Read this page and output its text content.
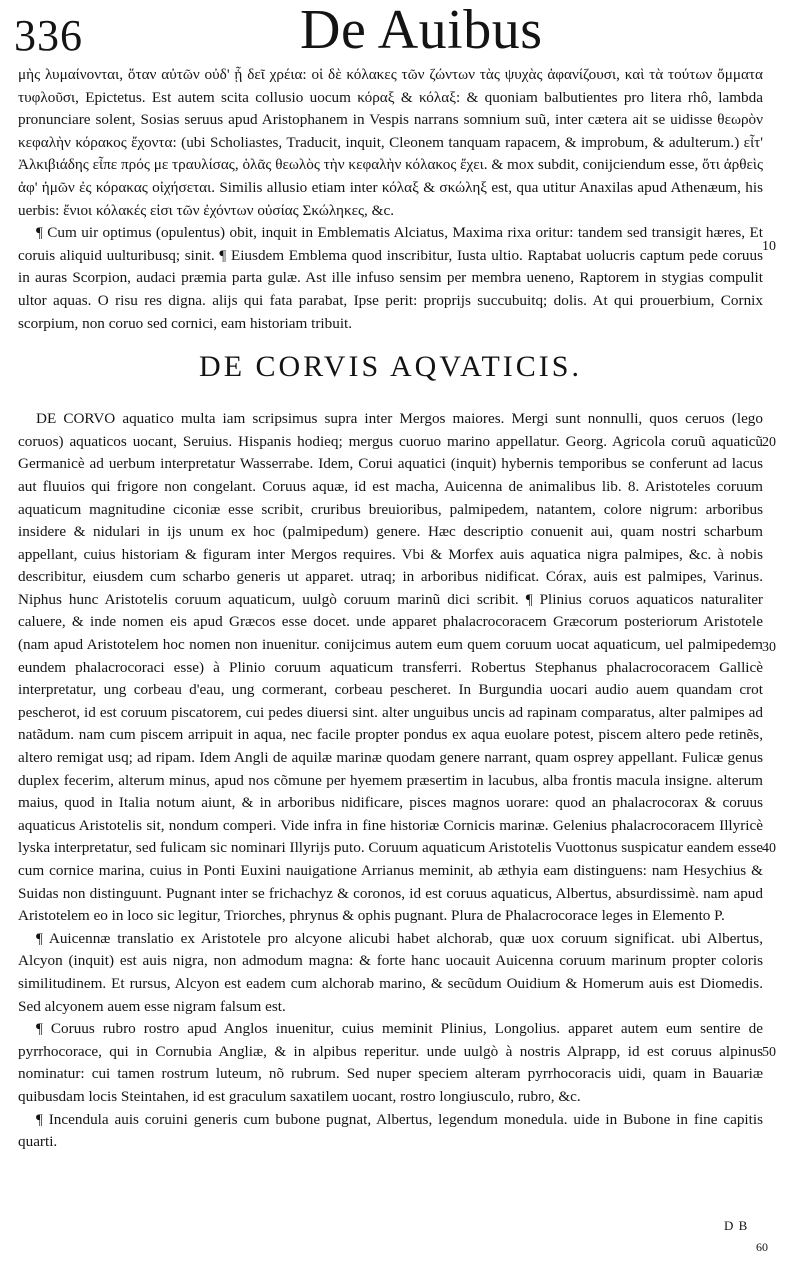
336	De Auibus

μὴς λυμαίνονται, ὅταν αὐτῶν οὐδ' ᾗ δεῖ χρέια: οἱ δὲ κόλακες τῶν ζώντων τὰς ψυχὰς ἀφανίζουσι, καὶ τὰ τούτων ὄμματα τυφλοῦσι, Epictetus. Est autem scita collusio uocum κόραξ & κόλαξ: & quoniam balbutientes pro litera rhô, lambda pronunciare solent, Sosias seruus apud Aristophanem in Vespis narrans somnium suũ, inter cætera ait se uidisse θεωρὸν κεφαλὴν κόρακος ἔχοντα: (ubi Scholiastes, Traducit, inquit, Cleonem tanquam rapacem, & improbum, & adulterum.) εἶτ' Ἀλκιβιάδης εἶπε πρός με τραυλίσας, ὁλᾶς θεωλὸς τὴν κεφαλὴν κόλακος ἔχει. & mox subdit, conijciendum esse, ὅτι ἀρθεὶς ἀφ' ἡμῶν ἐς κόρακας οἰχήσεται. Similis allusio etiam inter κόλαξ & σκώληξ est, qua utitur Anaxilas apud Athenæum, his uerbis: ἔνιοι κόλακές εἰσι τῶν ἐχόντων οὐσίας Σκώληκες, &c.

¶ Cum uir optimus (opulentus) obit, inquit in Emblematis Alciatus, Maxima rixa oritur: tandem sed transigit hæres, Et coruis aliquid uulturibusq; sinit. ¶ Eiusdem Emblema quod inscribitur, Iusta ultio. Raptabat uolucris captum pede coruus in auras Scorpion, audaci præmia parta gulæ. Ast ille infuso sensim per membra ueneno, Raptorem in stygias compulit ultor aquas. O risu res digna. alijs qui fata parabat, Ipse perit: proprijs succubuitq; dolis. At qui prouerbium, Cornix scorpium, non coruo sed cornici, eam historiam tribuit.

DE CORVIS AQVATICIS.

DE CORVO aquatico multa iam scripsimus supra inter Mergos maiores. Mergi sunt nonnulli, quos ceruos (lego coruos) aquaticos uocant, Seruius. Hispanis hodieq; mergus cuoruo marino appellatur. Georg. Agricola coruũ aquaticũ Germanicè ad uerbum interpretatur Wasserrabe. Idem, Corui aquatici (inquit) hybernis temporibus se conferunt ad lacus aut fluuios qui frigore non congelant. Coruus aquæ, id est macha, Auicenna de animalibus lib. 8. Aristoteles coruum aquaticum magnitudine ciconiæ esse scribit, cruribus breuioribus, palmipedem, natantem, colore nigrum: arboribus insidere & nidulari in ijs unum ex hoc (palmipedum) genere. Hæc descriptio conuenit aui, quam nostri scharbum appellant, cuius historiam & figuram inter Mergos requires. Vbi & Morfex auis aquatica nigra palmipes, &c. à nobis describitur, eiusdem cum scharbo generis ut apparet. utraq; in arboribus nidificat. Córax, auis est palmipes, Varinus. Niphus hunc Aristotelis coruum aquaticum, uulgò coruum marinũ dici scribit. ¶ Plinius coruos aquaticos naturaliter caluere, & inde nomen eis apud Græcos esse docet. unde apparet phalacrocoracem Græcorum posteriorum Aristotele (nam apud Aristotelem hoc nomen non inuenitur. conijcimus autem eum quem coruum uocat aquaticum, uel palmipedem eundem phalacrocoraci esse) à Plinio coruum aquaticum transferri. Robertus Stephanus phalacrocoracem Gallicè interpretatur, ung corbeau d'eau, ung cormerant, corbeau pescheret. In Burgundia uocari audio auem quandam crot pescherot, id est coruum piscatorem, cui pedes diuersi sint. alter unguibus uncis ad rapinam comparatus, alter palmipes ad natãdum. nam cum piscem arripuit in aqua, nec facile propter pondus ex aqua euolare potest, piscem altero pede retinẽs, altero remigat usq; ad ripam. Idem Angli de aquilæ marinæ quodam genere narrant, quam ospreу appellant. Fulicæ genus duplex fecerim, alterum minus, apud nos cõmune per hyemem præsertim in lacubus, alba frontis macula insigne. alterum maius, quod in Italia notum aiunt, & in arboribus nidificare, pisces magnos uorare: quod an phalacrocorax & coruus aquaticus Aristotelis sit, nondum comperi. Vide infra in fine historiæ Cornicis marinæ. Gelenius phalacrocoracem Illyricè lyska interpretatur, sed fulicam sic nominari Illyrijs puto. Coruum aquaticum Aristotelis Vuottonus suspicatur eandem esse cum cornice marina, cuius in Ponti Euxini nauigatione Arrianus meminit, ab æthyia eam distinguens: nam Hesychius & Suidas non distinguunt. Pugnant inter se frichachyz & coronos, id est coruus aquaticus, Albertus, absurdissimè. nam apud Aristotelem eo in loco sic legitur, Triorches, phrynus & ophis pugnant. Plura de Phalacrocorace leges in Elemento P.

¶ Auicennæ translatio ex Aristotele pro alcyone alicubi habet alchorab, quæ uox coruum significat. ubi Albertus, Alcyon (inquit) est auis nigra, non admodum magna: & forte hanc uocauit Auicenna coruum marinum propter coloris similitudinem. Et rursus, Alcyon est eadem cum alchorab marino, & secũdum Ouidium & Homerum auis est Diomedis. Sed alcyonem auem esse nigram falsum est.

¶ Coruus rubro rostro apud Anglos inuenitur, cuius meminit Plinius, Longolius. apparet autem eum sentire de pyrrhocorace, qui in Cornubia Angliæ, & in alpibus reperitur. unde uulgò à nostris Alprapp, id est coruus alpinus nominatur: cui tamen rostrum luteum, nõ rubrum. Sed nuper speciem alteram pyrrhocoracis uidi, quam in Bauariæ quibusdam locis Steintahen, id est graculum saxatilem uocant, rostro longiusculo, rubro, &c.

¶ Incendula auis coruini generis cum bubone pugnat, Albertus, legendum monedula. uide in Bubone in fine capitis quarti.

10
20
30
40
50
D B
60
